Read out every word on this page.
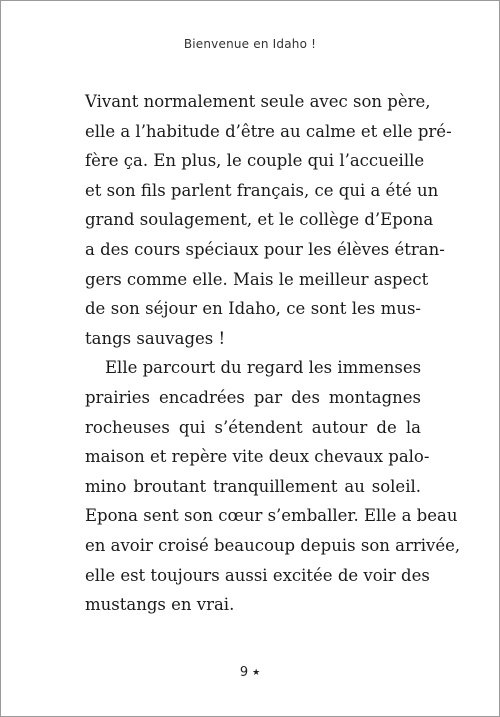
Bienvenue en Idaho !

Vivant normalement seule avec son père,
elle a l’habitude d’être au calme et elle pré-
fère ça. En plus, le couple qui l’accueille
et son fils parlent français, ce qui a été un
grand soulagement, et le collège d’Epona
a des cours spéciaux pour les élèves étran-
gers comme elle. Mais le meilleur aspect
de son séjour en Idaho, ce sont les mus-
tangs sauvages !

Elle parcourt du regard les immenses
prairies encadrées par des montagnes
rocheuses qui s’étendent autour de la
maison et repère vite deux chevaux palo-
mino broutant tranquillement au soleil.
Epona sent son cœur s’emballer. Elle a beau
en avoir croisé beaucoup depuis son arrivée,
elle est toujours aussi excitée de voir des
mustangs en vrai.

9 ★
